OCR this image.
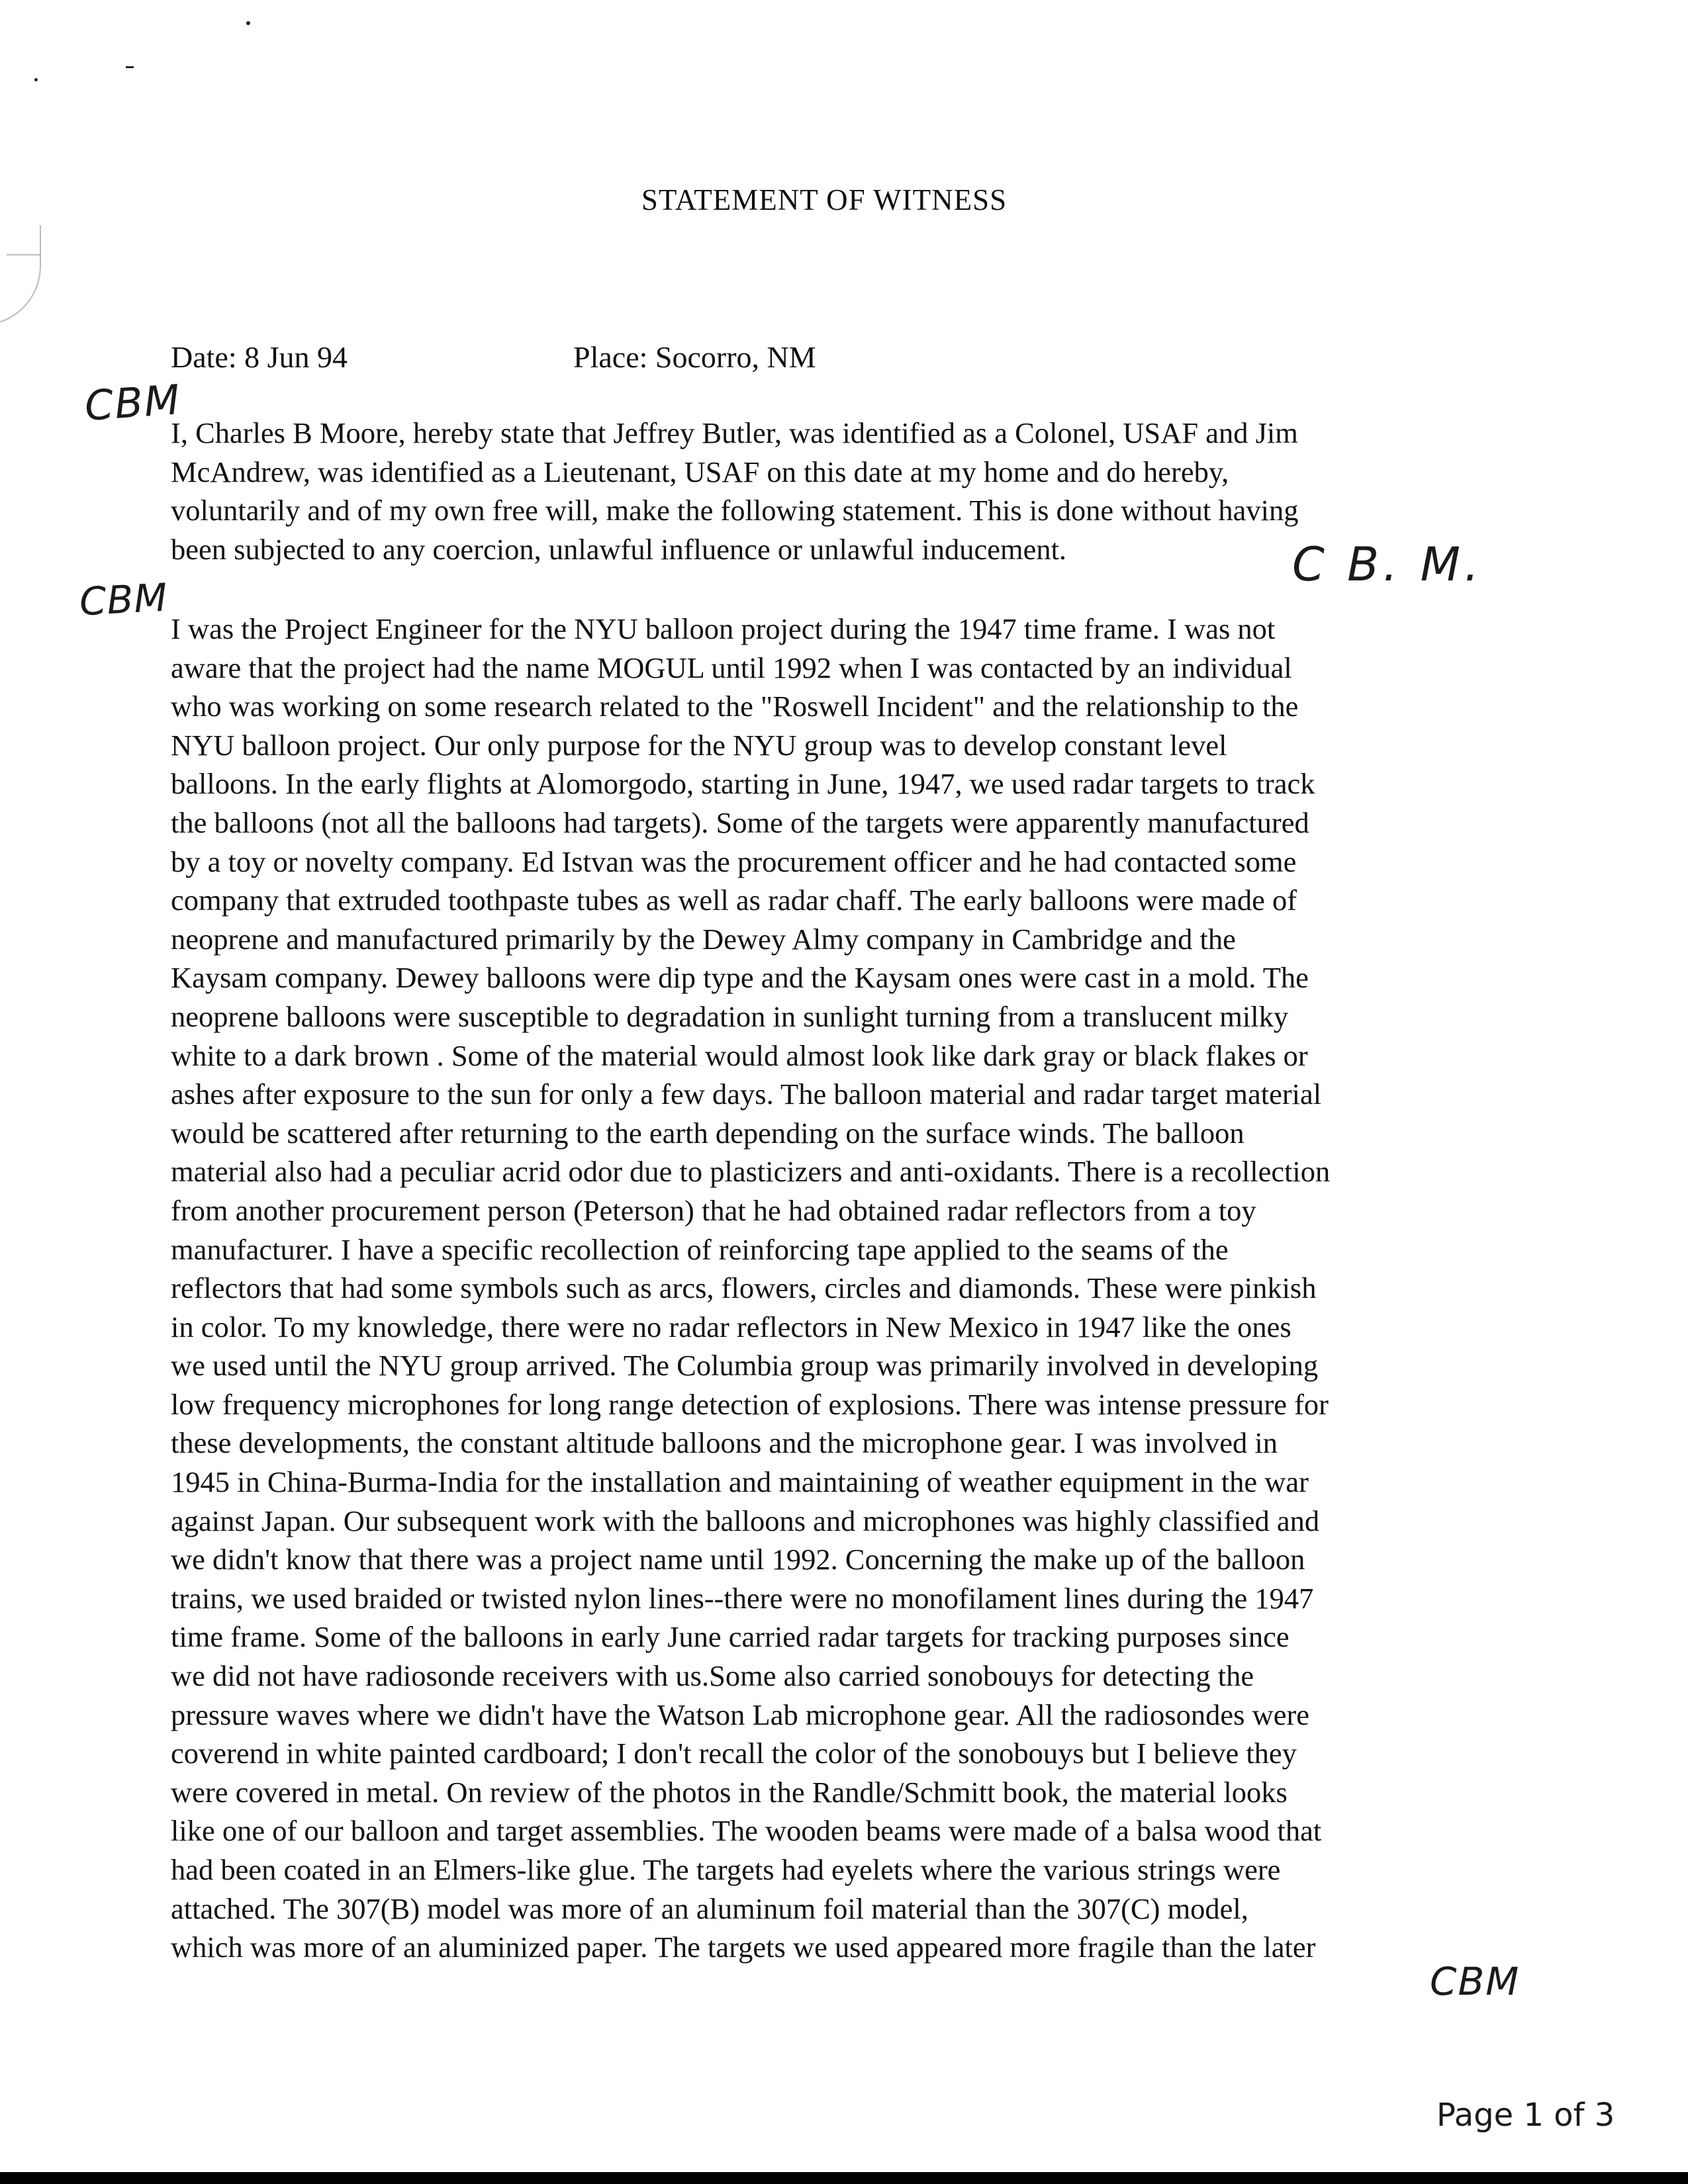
STATEMENT OF WITNESS
Date: 8 Jun 94	Place: Socorro, NM
CBM
C B. M.
CBM
CBM
Page 1 of 3

I, Charles B Moore, hereby state that Jeffrey Butler, was identified as a Colonel, USAF and Jim
McAndrew, was identified as a Lieutenant, USAF on this date at my home and do hereby,
voluntarily and of my own free will, make the following statement. This is done without having
been subjected to any coercion, unlawful influence or unlawful inducement.

I was the Project Engineer for the NYU balloon project during the 1947 time frame. I was not
aware that the project had the name MOGUL until 1992 when I was contacted by an individual
who was working on some research related to the "Roswell Incident" and the relationship to the
NYU balloon project. Our only purpose for the NYU group was to develop constant level
balloons. In the early flights at Alomorgodo, starting in June, 1947, we used radar targets to track
the balloons (not all the balloons had targets). Some of the targets were apparently manufactured
by a toy or novelty company. Ed Istvan was the procurement officer and he had contacted some
company that extruded toothpaste tubes as well as radar chaff. The early balloons were made of
neoprene and manufactured primarily by the Dewey Almy company in Cambridge and the
Kaysam company. Dewey balloons were dip type and the Kaysam ones were cast in a mold. The
neoprene balloons were susceptible to degradation in sunlight turning from a translucent milky
white to a dark brown . Some of the material would almost look like dark gray or black flakes or
ashes after exposure to the sun for only a few days. The balloon material and radar target material
would be scattered after returning to the earth depending on the surface winds. The balloon
material also had a peculiar acrid odor due to plasticizers and anti-oxidants. There is a recollection
from another procurement person (Peterson) that he had obtained radar reflectors from a toy
manufacturer. I have a specific recollection of reinforcing tape applied to the seams of the
reflectors that had some symbols such as arcs, flowers, circles and diamonds. These were pinkish
in color. To my knowledge, there were no radar reflectors in New Mexico in 1947 like the ones
we used until the NYU group arrived. The Columbia group was primarily involved in developing
low frequency microphones for long range detection of explosions. There was intense pressure for
these developments, the constant altitude balloons and the microphone gear. I was involved in
1945 in China-Burma-India for the installation and maintaining of weather equipment in the war
against Japan. Our subsequent work with the balloons and microphones was highly classified and
we didn't know that there was a project name until 1992. Concerning the make up of the balloon
trains, we used braided or twisted nylon lines--there were no monofilament lines during the 1947
time frame. Some of the balloons in early June carried radar targets for tracking purposes since
we did not have radiosonde receivers with us.Some also carried sonobouys for detecting the
pressure waves where we didn't have the Watson Lab microphone gear. All the radiosondes were
coverend in white painted cardboard; I don't recall the color of the sonobouys but I believe they
were covered in metal. On review of the photos in the Randle/Schmitt book, the material looks
like one of our balloon and target assemblies. The wooden beams were made of a balsa wood that
had been coated in an Elmers-like glue. The targets had eyelets where the various strings were
attached. The 307(B) model was more of an aluminum foil material than the 307(C) model,
which was more of an aluminized paper. The targets we used appeared more fragile than the later
